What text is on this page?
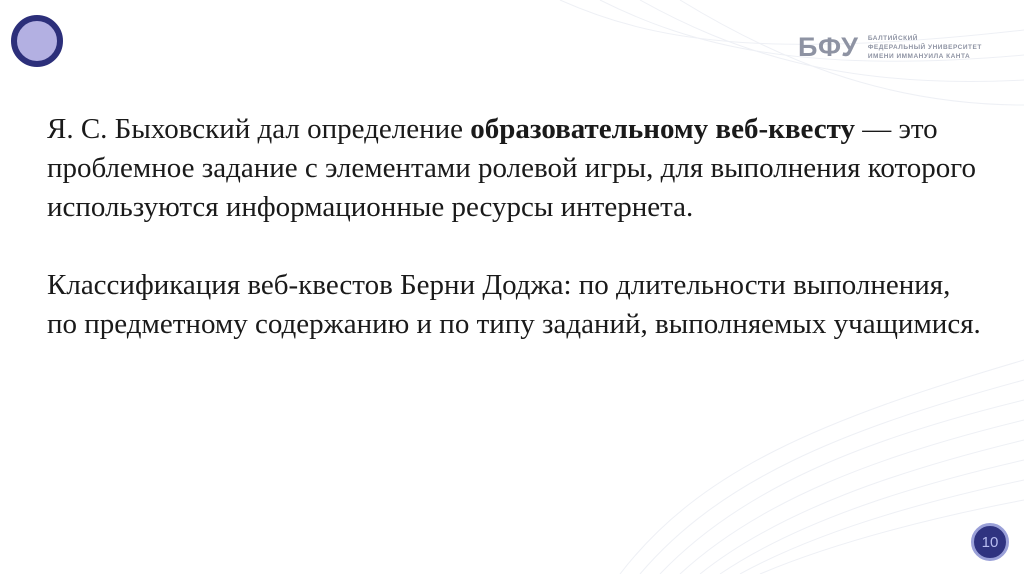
БФУ БАЛТИЙСКИЙ
ФЕДЕРАЛЬНЫЙ УНИВЕРСИТЕТ
ИМЕНИ ИММАНУИЛА КАНТА

Я. С. Быховский дал определение образовательному веб-квесту — это проблемное задание с элементами ролевой игры, для выполнения которого используются информационные ресурсы интернета.

Классификация веб-квестов Берни Доджа: по длительности выполнения, по предметному содержанию и по типу заданий, выполняемых учащимися.

10
